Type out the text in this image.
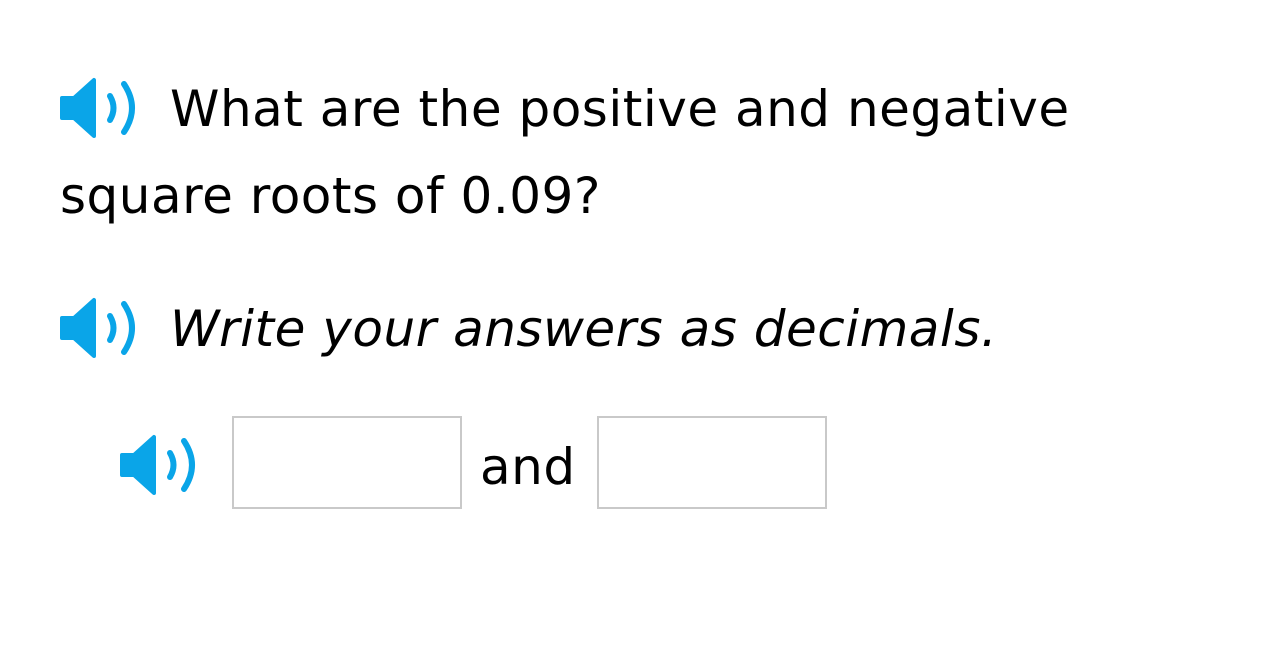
What are the positive and negative square roots of 0.09?
Write your answers as decimals.
and
